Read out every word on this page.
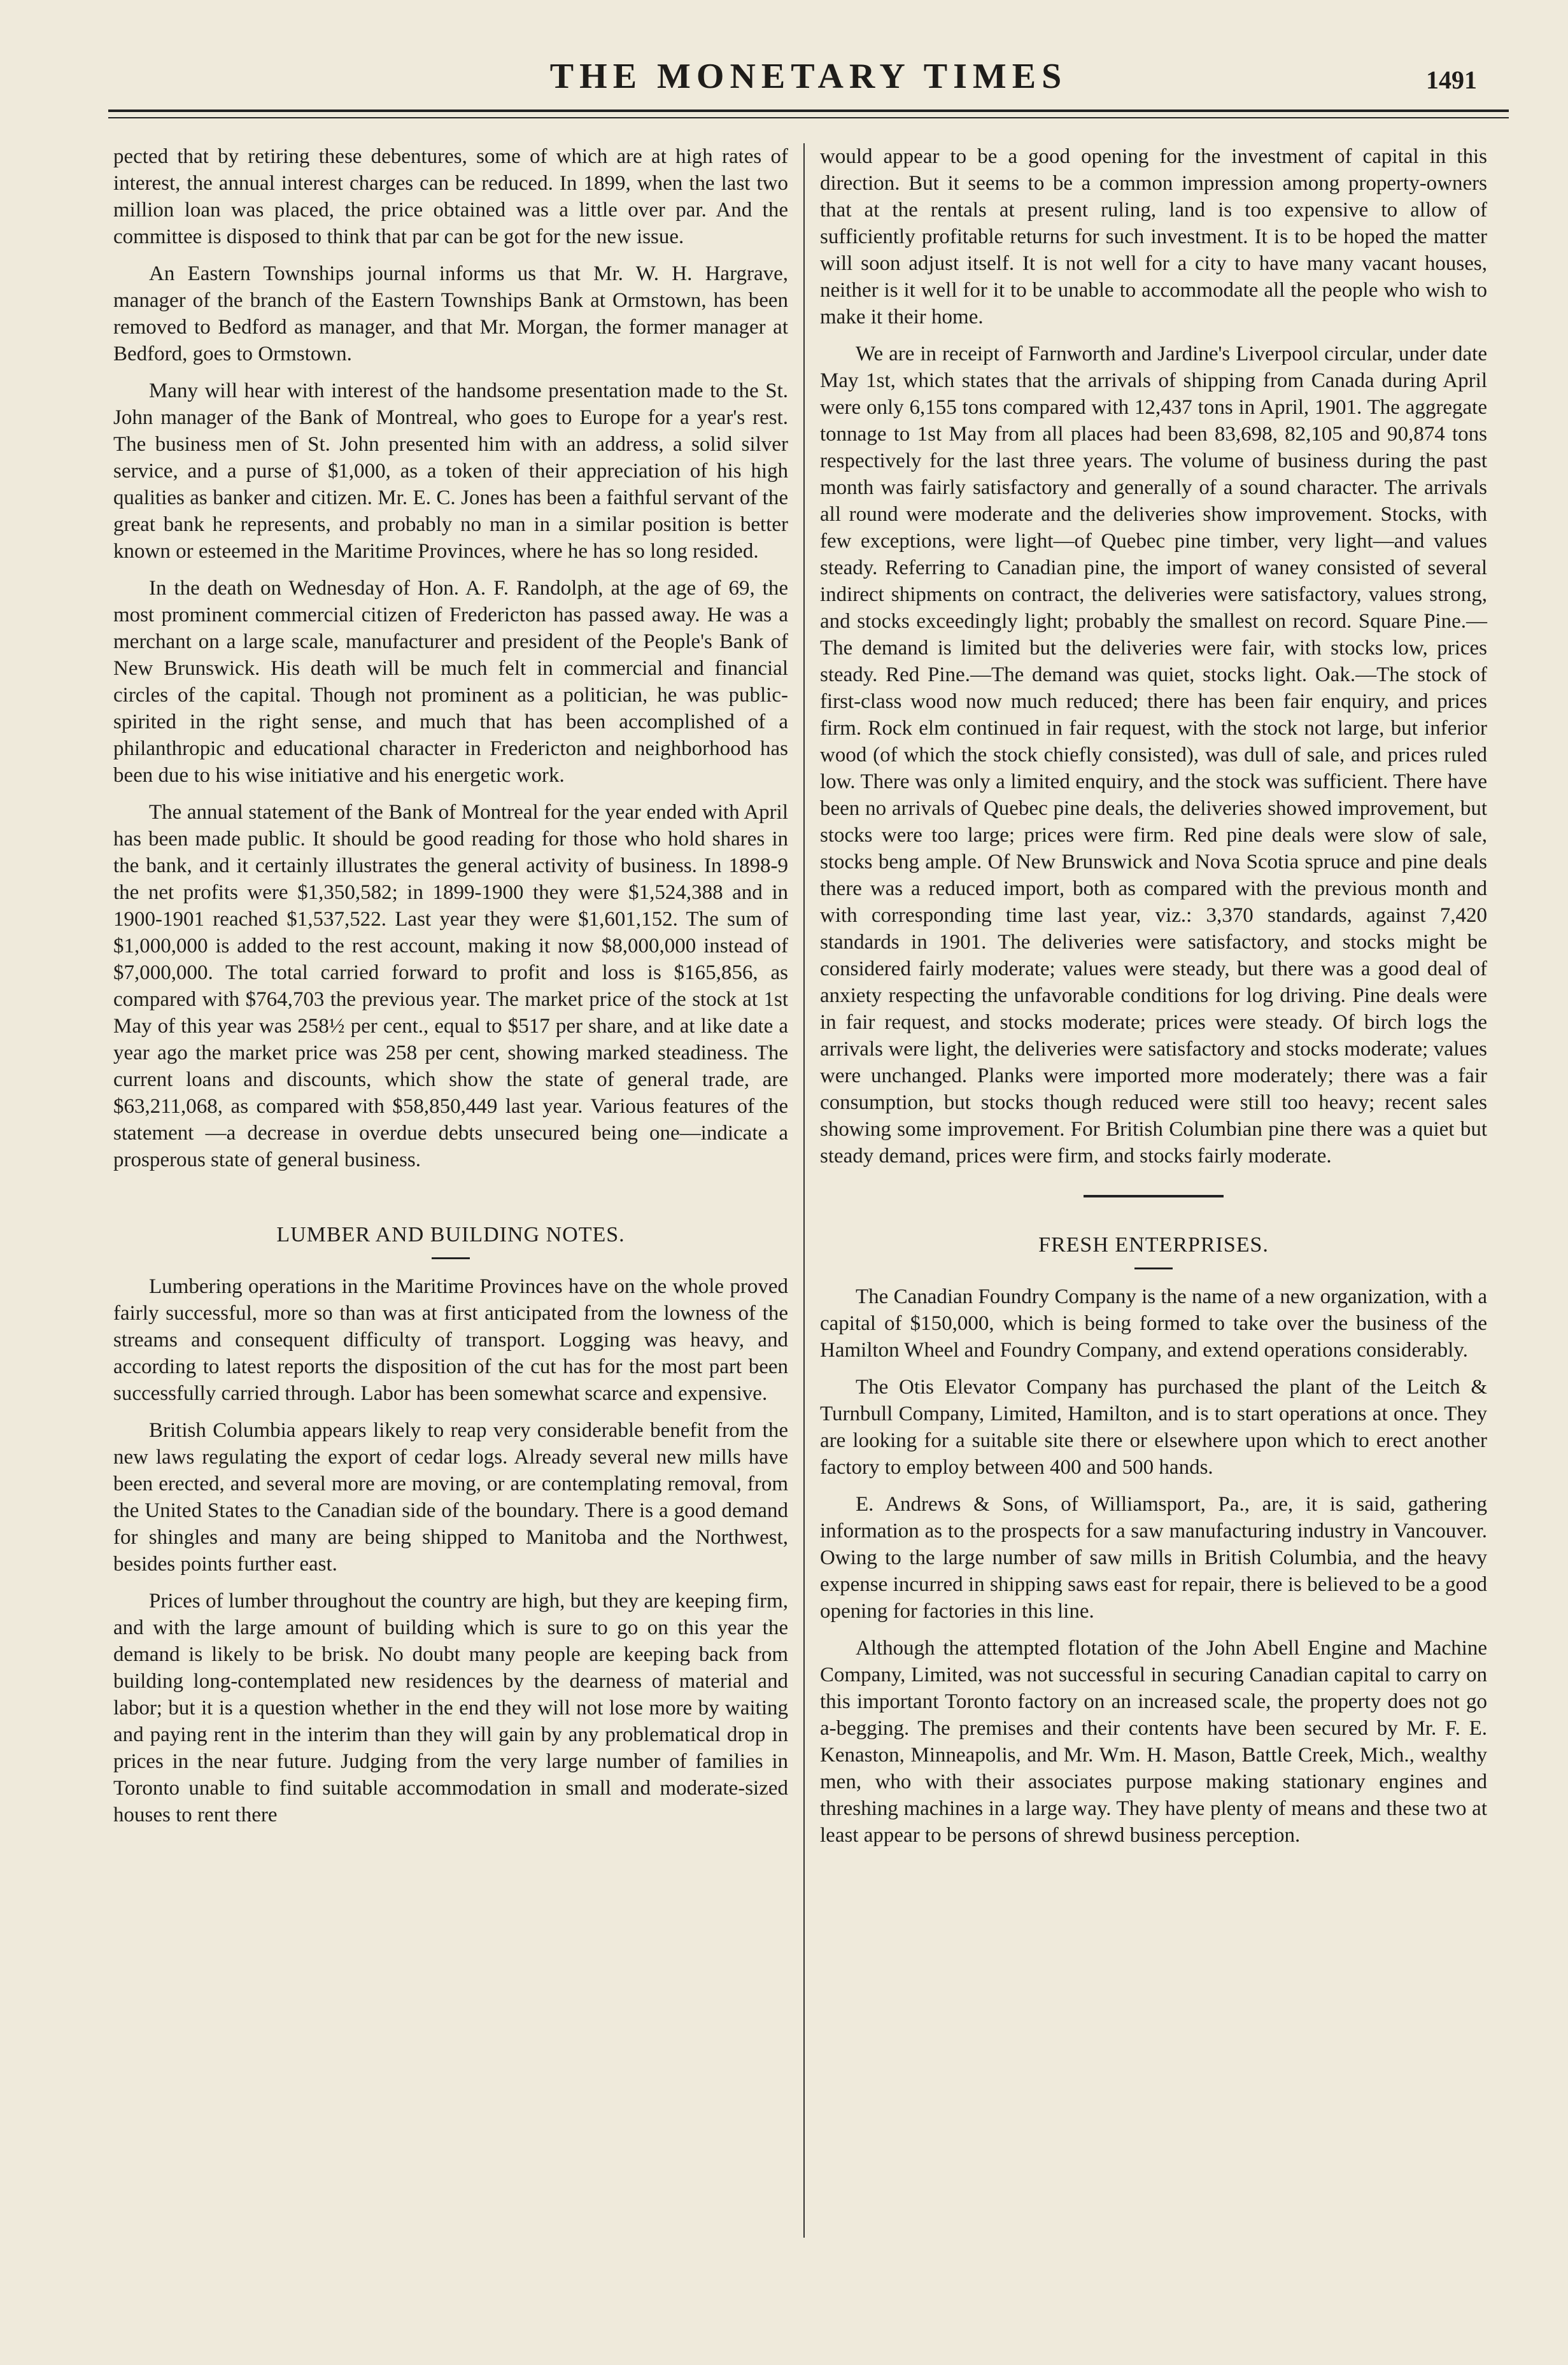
THE MONETARY TIMES	1491

pected that by retiring these debentures, some of which are at high rates of interest, the annual interest charges can be reduced. In 1899, when the last two million loan was placed, the price obtained was a little over par. And the committee is disposed to think that par can be got for the new issue.

An Eastern Townships journal informs us that Mr. W. H. Hargrave, manager of the branch of the Eastern Townships Bank at Ormstown, has been removed to Bedford as manager, and that Mr. Morgan, the former manager at Bedford, goes to Ormstown.

Many will hear with interest of the handsome presentation made to the St. John manager of the Bank of Montreal, who goes to Europe for a year's rest. The business men of St. John presented him with an address, a solid silver service, and a purse of $1,000, as a token of their appreciation of his high qualities as banker and citizen. Mr. E. C. Jones has been a faithful servant of the great bank he represents, and probably no man in a similar position is better known or esteemed in the Maritime Provinces, where he has so long resided.

In the death on Wednesday of Hon. A. F. Randolph, at the age of 69, the most prominent commercial citizen of Fredericton has passed away. He was a merchant on a large scale, manufacturer and president of the People's Bank of New Brunswick. His death will be much felt in commercial and financial circles of the capital. Though not prominent as a politician, he was public-spirited in the right sense, and much that has been accomplished of a philanthropic and educational character in Fredericton and neighborhood has been due to his wise initiative and his energetic work.

The annual statement of the Bank of Montreal for the year ended with April has been made public. It should be good reading for those who hold shares in the bank, and it certainly illustrates the general activity of business. In 1898-9 the net profits were $1,350,582; in 1899-1900 they were $1,524,388 and in 1900-1901 reached $1,537,522. Last year they were $1,601,152. The sum of $1,000,000 is added to the rest account, making it now $8,000,000 instead of $7,000,000. The total carried forward to profit and loss is $165,856, as compared with $764,703 the previous year. The market price of the stock at 1st May of this year was 258½ per cent., equal to $517 per share, and at like date a year ago the market price was 258 per cent, showing marked steadiness. The current loans and discounts, which show the state of general trade, are $63,211,068, as compared with $58,850,449 last year. Various features of the statement —a decrease in overdue debts unsecured being one—indicate a prosperous state of general business.

LUMBER AND BUILDING NOTES.

Lumbering operations in the Maritime Provinces have on the whole proved fairly successful, more so than was at first anticipated from the lowness of the streams and consequent difficulty of transport. Logging was heavy, and according to latest reports the disposition of the cut has for the most part been successfully carried through. Labor has been somewhat scarce and expensive.

British Columbia appears likely to reap very considerable benefit from the new laws regulating the export of cedar logs. Already several new mills have been erected, and several more are moving, or are contemplating removal, from the United States to the Canadian side of the boundary. There is a good demand for shingles and many are being shipped to Manitoba and the Northwest, besides points further east.

Prices of lumber throughout the country are high, but they are keeping firm, and with the large amount of building which is sure to go on this year the demand is likely to be brisk. No doubt many people are keeping back from building long-contemplated new residences by the dearness of material and labor; but it is a question whether in the end they will not lose more by waiting and paying rent in the interim than they will gain by any problematical drop in prices in the near future. Judging from the very large number of families in Toronto unable to find suitable accommodation in small and moderate-sized houses to rent there

would appear to be a good opening for the investment of capital in this direction. But it seems to be a common impression among property-owners that at the rentals at present ruling, land is too expensive to allow of sufficiently profitable returns for such investment. It is to be hoped the matter will soon adjust itself. It is not well for a city to have many vacant houses, neither is it well for it to be unable to accommodate all the people who wish to make it their home.

We are in receipt of Farnworth and Jardine's Liverpool circular, under date May 1st, which states that the arrivals of shipping from Canada during April were only 6,155 tons compared with 12,437 tons in April, 1901. The aggregate tonnage to 1st May from all places had been 83,698, 82,105 and 90,874 tons respectively for the last three years. The volume of business during the past month was fairly satisfactory and generally of a sound character. The arrivals all round were moderate and the deliveries show improvement. Stocks, with few exceptions, were light—of Quebec pine timber, very light—and values steady. Referring to Canadian pine, the import of waney consisted of several indirect shipments on contract, the deliveries were satisfactory, values strong, and stocks exceedingly light; probably the smallest on record. Square Pine.—The demand is limited but the deliveries were fair, with stocks low, prices steady. Red Pine.—The demand was quiet, stocks light. Oak.—The stock of first-class wood now much reduced; there has been fair enquiry, and prices firm. Rock elm continued in fair request, with the stock not large, but inferior wood (of which the stock chiefly consisted), was dull of sale, and prices ruled low. There was only a limited enquiry, and the stock was sufficient. There have been no arrivals of Quebec pine deals, the deliveries showed improvement, but stocks were too large; prices were firm. Red pine deals were slow of sale, stocks beng ample. Of New Brunswick and Nova Scotia spruce and pine deals there was a reduced import, both as compared with the previous month and with corresponding time last year, viz.: 3,370 standards, against 7,420 standards in 1901. The deliveries were satisfactory, and stocks might be considered fairly moderate; values were steady, but there was a good deal of anxiety respecting the unfavorable conditions for log driving. Pine deals were in fair request, and stocks moderate; prices were steady. Of birch logs the arrivals were light, the deliveries were satisfactory and stocks moderate; values were unchanged. Planks were imported more moderately; there was a fair consumption, but stocks though reduced were still too heavy; recent sales showing some improvement. For British Columbian pine there was a quiet but steady demand, prices were firm, and stocks fairly moderate.

FRESH ENTERPRISES.

The Canadian Foundry Company is the name of a new organization, with a capital of $150,000, which is being formed to take over the business of the Hamilton Wheel and Foundry Company, and extend operations considerably.

The Otis Elevator Company has purchased the plant of the Leitch & Turnbull Company, Limited, Hamilton, and is to start operations at once. They are looking for a suitable site there or elsewhere upon which to erect another factory to employ between 400 and 500 hands.

E. Andrews & Sons, of Williamsport, Pa., are, it is said, gathering information as to the prospects for a saw manufacturing industry in Vancouver. Owing to the large number of saw mills in British Columbia, and the heavy expense incurred in shipping saws east for repair, there is believed to be a good opening for factories in this line.

Although the attempted flotation of the John Abell Engine and Machine Company, Limited, was not successful in securing Canadian capital to carry on this important Toronto factory on an increased scale, the property does not go a-begging. The premises and their contents have been secured by Mr. F. E. Kenaston, Minneapolis, and Mr. Wm. H. Mason, Battle Creek, Mich., wealthy men, who with their associates purpose making stationary engines and threshing machines in a large way. They have plenty of means and these two at least appear to be persons of shrewd business perception.
